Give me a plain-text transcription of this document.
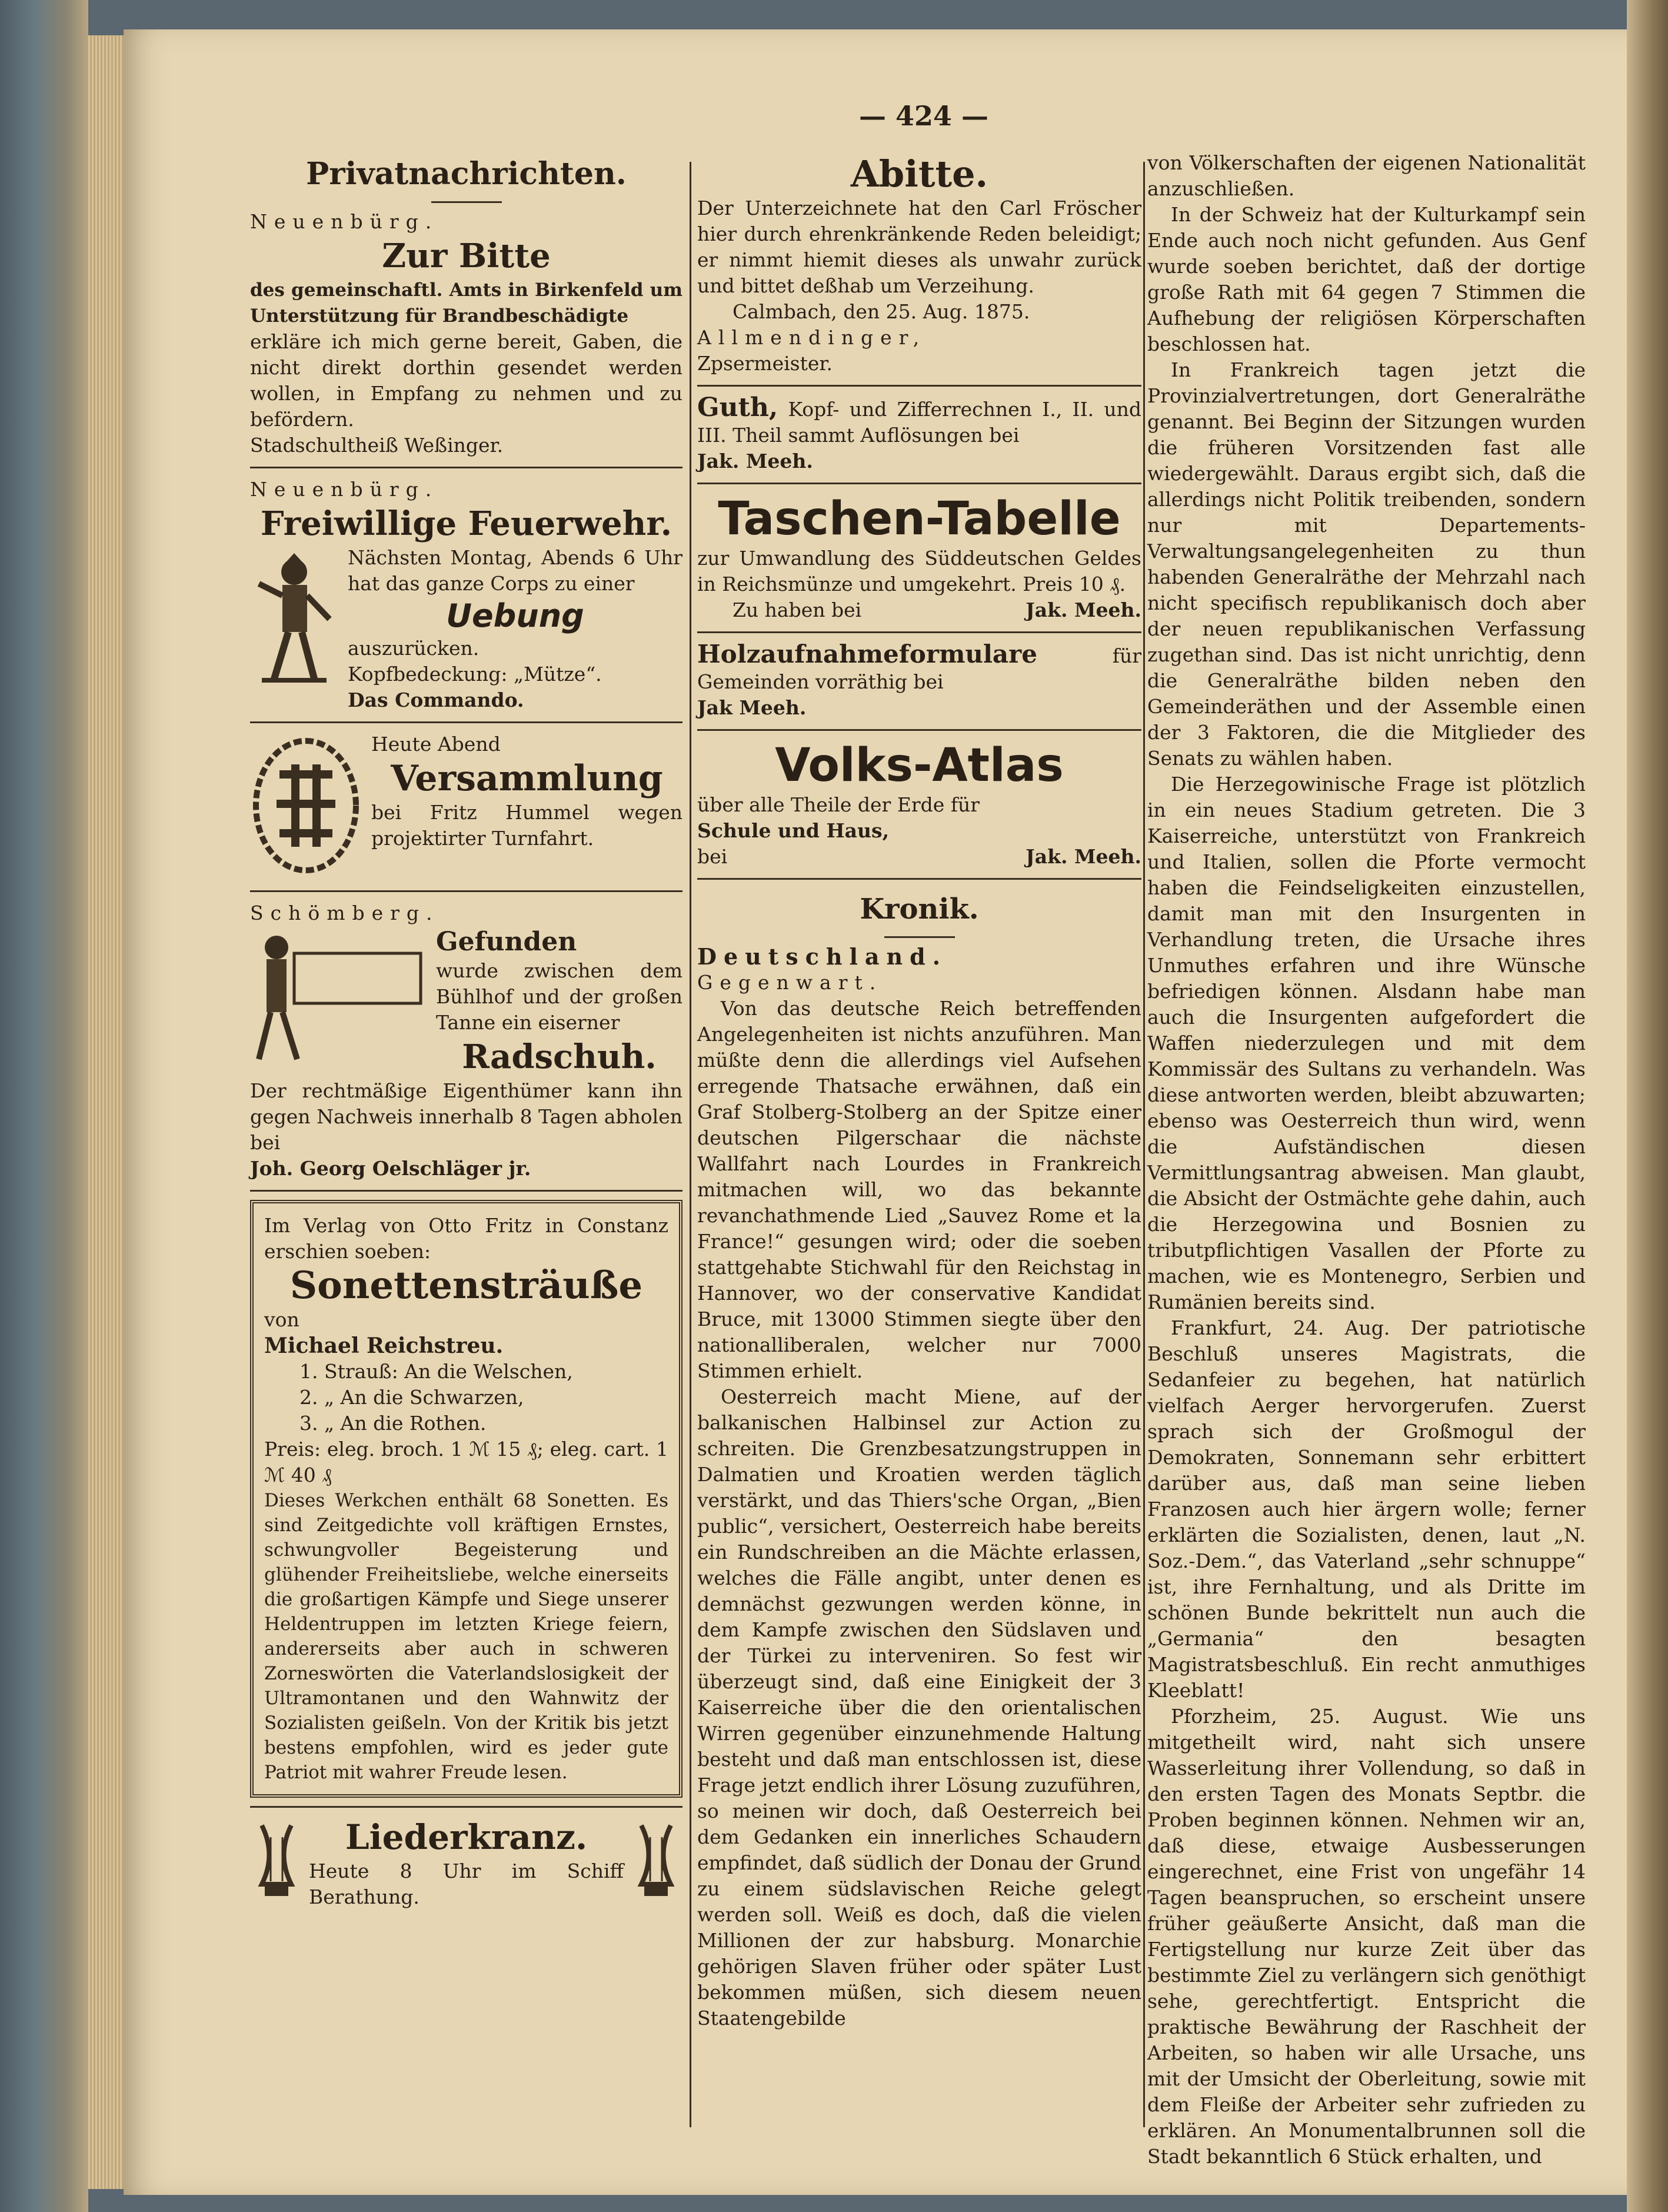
— 424 —
Privatnachrichten.
Neuenbürg.
Zur Bitte
des gemeinschaftl. Amts in Birkenfeld um Unterstützung für Brandbeschädigte
erkläre ich mich gerne bereit, Gaben, die nicht direkt dorthin gesendet werden wollen, in Empfang zu nehmen und zu befördern.
Stadschultheiß Weßinger.
Neuenbürg.
Freiwillige Feuerwehr.
Nächsten Montag, Abends 6 Uhr hat das ganze Corps zu einer
Uebung
auszurücken.
Kopfbedeckung: „Mütze“.
Das Commando.
Heute Abend
Versammlung
bei Fritz Hummel wegen projektirter Turnfahrt.
Schömberg.
Gefunden
wurde zwischen dem Bühlhof und der großen Tanne ein eiserner
Radschuh.
Der rechtmäßige Eigenthümer kann ihn gegen Nachweis innerhalb 8 Tagen abholen bei
Joh. Georg Oelschläger jr.
Im Verlag von Otto Fritz in Constanz erschien soeben:
Sonettensträuße
von
Michael Reichstreu.
1. Strauß: An die Welschen,
2. „ An die Schwarzen,
3. „ An die Rothen.
Preis: eleg. broch. 1 ℳ 15 ₰; eleg. cart. 1 ℳ 40 ₰
Dieses Werkchen enthält 68 Sonetten. Es sind Zeitgedichte voll kräftigen Ernstes, schwungvoller Begeisterung und glühender Freiheitsliebe, welche einerseits die großartigen Kämpfe und Siege unserer Heldentruppen im letzten Kriege feiern, andererseits aber auch in schweren Zorneswörten die Vaterlandslosigkeit der Ultramontanen und den Wahnwitz der Sozialisten geißeln. Von der Kritik bis jetzt bestens empfohlen, wird es jeder gute Patriot mit wahrer Freude lesen.
Liederkranz.
Heute 8 Uhr im Schiff Berathung.
Abitte.
Der Unterzeichnete hat den Carl Fröscher hier durch ehrenkränkende Reden beleidigt; er nimmt hiemit dieses als unwahr zurück und bittet deßhab um Verzeihung.
Calmbach, den 25. Aug. 1875.
Allmendinger,
Zpsermeister.
Guth, Kopf- und Zifferrechnen I., II. und III. Theil sammt Auflösungen bei
Jak. Meeh.
Taschen-Tabelle
zur Umwandlung des Süddeutschen Geldes in Reichsmünze und umgekehrt. Preis 10 ₰.
Zu haben bei	Jak. Meeh.
Holzaufnahmeformulare	für Gemeinden vorräthig bei
Jak Meeh.
Volks-Atlas
über alle Theile der Erde für
Schule und Haus,
bei	Jak. Meeh.
Kronik.
Deutschland.
Gegenwart.
Von das deutsche Reich betreffenden Angelegenheiten ist nichts anzuführen. Man müßte denn die allerdings viel Aufsehen erregende Thatsache erwähnen, daß ein Graf Stolberg-Stolberg an der Spitze einer deutschen Pilgerschaar die nächste Wallfahrt nach Lourdes in Frankreich mitmachen will, wo das bekannte revanchathmende Lied „Sauvez Rome et la France!“ gesungen wird; oder die soeben stattgehabte Stichwahl für den Reichstag in Hannover, wo der conservative Kandidat Bruce, mit 13000 Stimmen siegte über den nationalliberalen, welcher nur 7000 Stimmen erhielt.
Oesterreich macht Miene, auf der balkanischen Halbinsel zur Action zu schreiten. Die Grenzbesatzungstruppen in Dalmatien und Kroatien werden täglich verstärkt, und das Thiers'sche Organ, „Bien public“, versichert, Oesterreich habe bereits ein Rundschreiben an die Mächte erlassen, welches die Fälle angibt, unter denen es demnächst gezwungen werden könne, in dem Kampfe zwischen den Südslaven und der Türkei zu interveniren. So fest wir überzeugt sind, daß eine Einigkeit der 3 Kaiserreiche über die den orientalischen Wirren gegenüber einzunehmende Haltung besteht und daß man entschlossen ist, diese Frage jetzt endlich ihrer Lösung zuzuführen, so meinen wir doch, daß Oesterreich bei dem Gedanken ein innerliches Schaudern empfindet, daß südlich der Donau der Grund zu einem südslavischen Reiche gelegt werden soll. Weiß es doch, daß die vielen Millionen der zur habsburg. Monarchie gehörigen Slaven früher oder später Lust bekommen müßen, sich diesem neuen Staatengebilde
von Völkerschaften der eigenen Nationalität anzuschließen.
In der Schweiz hat der Kulturkampf sein Ende auch noch nicht gefunden. Aus Genf wurde soeben berichtet, daß der dortige große Rath mit 64 gegen 7 Stimmen die Aufhebung der religiösen Körperschaften beschlossen hat.
In Frankreich tagen jetzt die Provinzialvertretungen, dort Generalräthe genannt. Bei Beginn der Sitzungen wurden die früheren Vorsitzenden fast alle wiedergewählt. Daraus ergibt sich, daß die allerdings nicht Politik treibenden, sondern nur mit Departements-Verwaltungsangelegenheiten zu thun habenden Generalräthe der Mehrzahl nach nicht specifisch republikanisch doch aber der neuen republikanischen Verfassung zugethan sind. Das ist nicht unrichtig, denn die Generalräthe bilden neben den Gemeinderäthen und der Assemble einen der 3 Faktoren, die die Mitglieder des Senats zu wählen haben.
Die Herzegowinische Frage ist plötzlich in ein neues Stadium getreten. Die 3 Kaiserreiche, unterstützt von Frankreich und Italien, sollen die Pforte vermocht haben die Feindseligkeiten einzustellen, damit man mit den Insurgenten in Verhandlung treten, die Ursache ihres Unmuthes erfahren und ihre Wünsche befriedigen können. Alsdann habe man auch die Insurgenten aufgefordert die Waffen niederzulegen und mit dem Kommissär des Sultans zu verhandeln. Was diese antworten werden, bleibt abzuwarten; ebenso was Oesterreich thun wird, wenn die Aufständischen diesen Vermittlungsantrag abweisen. Man glaubt, die Absicht der Ostmächte gehe dahin, auch die Herzegowina und Bosnien zu tributpflichtigen Vasallen der Pforte zu machen, wie es Montenegro, Serbien und Rumänien bereits sind.
Frankfurt, 24. Aug. Der patriotische Beschluß unseres Magistrats, die Sedanfeier zu begehen, hat natürlich vielfach Aerger hervorgerufen. Zuerst sprach sich der Großmogul der Demokraten, Sonnemann sehr erbittert darüber aus, daß man seine lieben Franzosen auch hier ärgern wolle; ferner erklärten die Sozialisten, denen, laut „N. Soz.-Dem.“, das Vaterland „sehr schnuppe“ ist, ihre Fernhaltung, und als Dritte im schönen Bunde bekrittelt nun auch die „Germania“ den besagten Magistratsbeschluß. Ein recht anmuthiges Kleeblatt!
Pforzheim, 25. August. Wie uns mitgetheilt wird, naht sich unsere Wasserleitung ihrer Vollendung, so daß in den ersten Tagen des Monats Septbr. die Proben beginnen können. Nehmen wir an, daß diese, etwaige Ausbesserungen eingerechnet, eine Frist von ungefähr 14 Tagen beanspruchen, so erscheint unsere früher geäußerte Ansicht, daß man die Fertigstellung nur kurze Zeit über das bestimmte Ziel zu verlängern sich genöthigt sehe, gerechtfertigt. Entspricht die praktische Bewährung der Raschheit der Arbeiten, so haben wir alle Ursache, uns mit der Umsicht der Oberleitung, sowie mit dem Fleiße der Arbeiter sehr zufrieden zu erklären. An Monumentalbrunnen soll die Stadt bekanntlich 6 Stück erhalten, und
